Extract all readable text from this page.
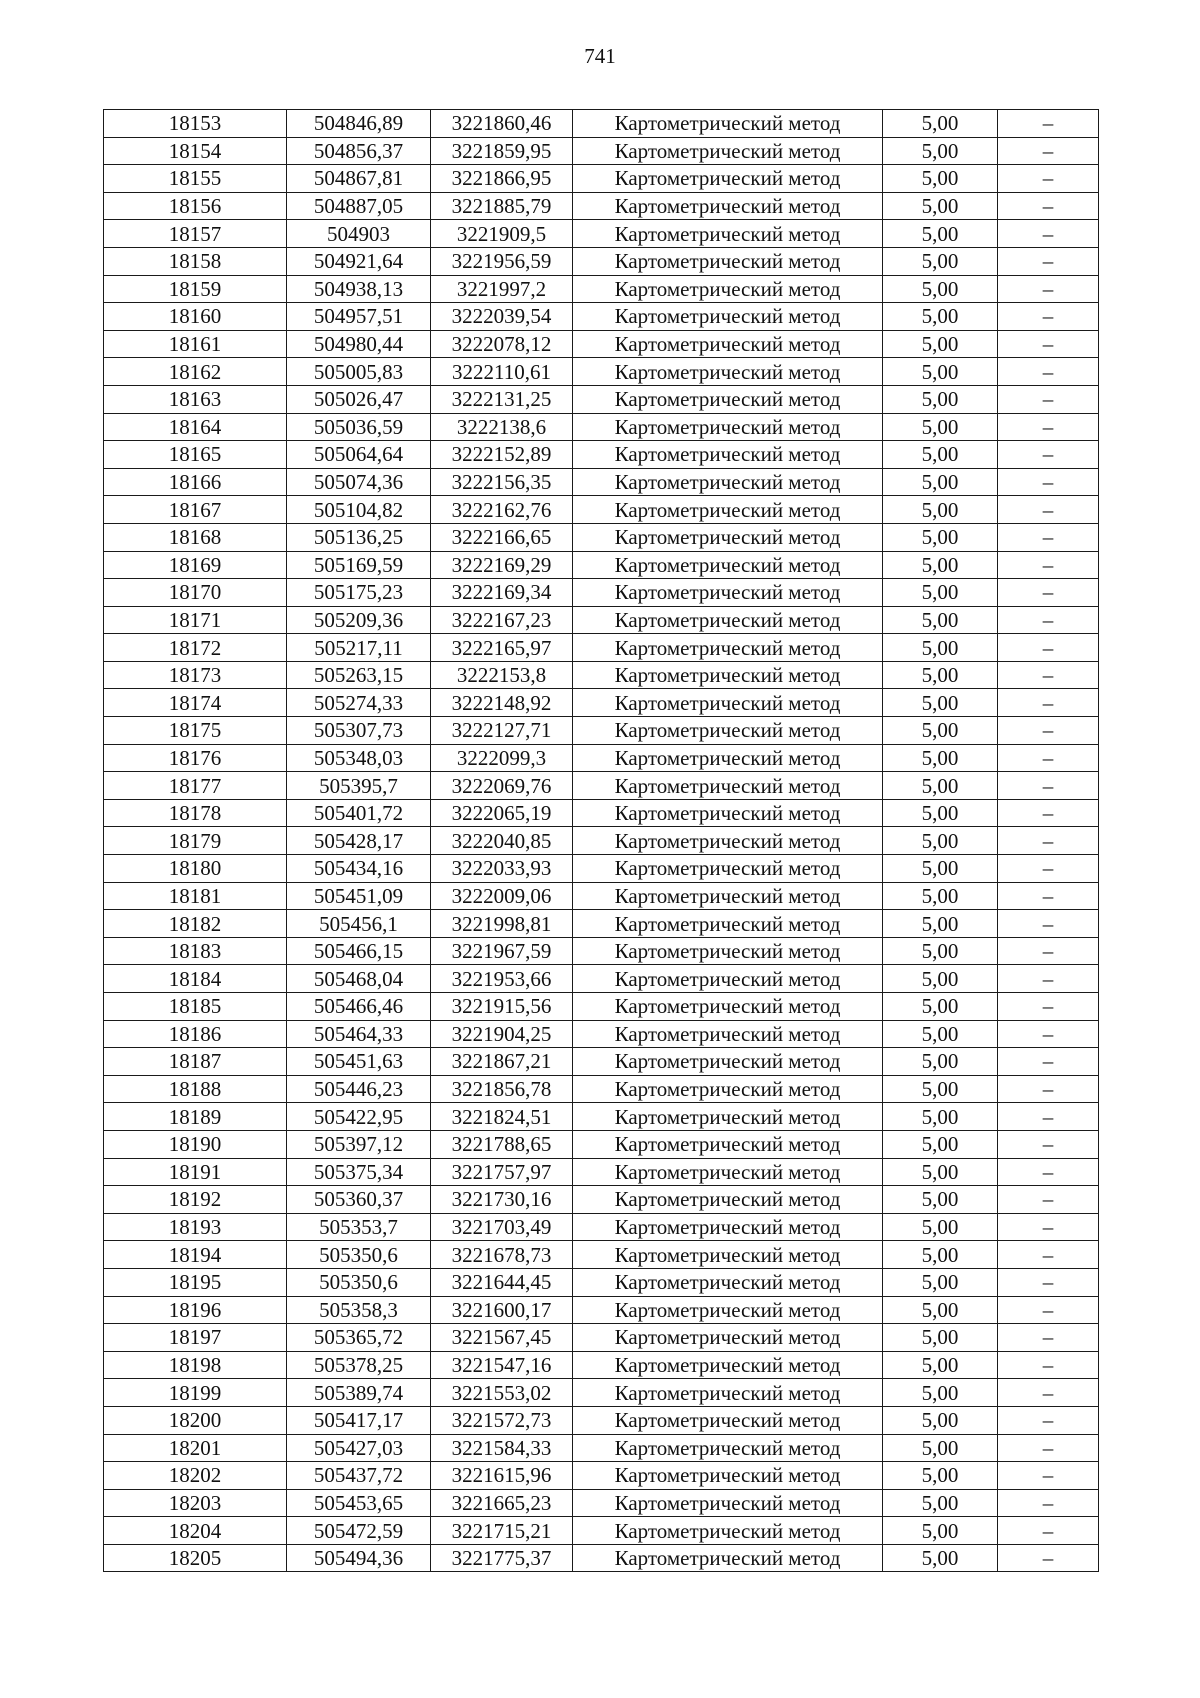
741
18153	504846,89	3221860,46	Картометрический метод	5,00	–
18154	504856,37	3221859,95	Картометрический метод	5,00	–
18155	504867,81	3221866,95	Картометрический метод	5,00	–
18156	504887,05	3221885,79	Картометрический метод	5,00	–
18157	504903	3221909,5	Картометрический метод	5,00	–
18158	504921,64	3221956,59	Картометрический метод	5,00	–
18159	504938,13	3221997,2	Картометрический метод	5,00	–
18160	504957,51	3222039,54	Картометрический метод	5,00	–
18161	504980,44	3222078,12	Картометрический метод	5,00	–
18162	505005,83	3222110,61	Картометрический метод	5,00	–
18163	505026,47	3222131,25	Картометрический метод	5,00	–
18164	505036,59	3222138,6	Картометрический метод	5,00	–
18165	505064,64	3222152,89	Картометрический метод	5,00	–
18166	505074,36	3222156,35	Картометрический метод	5,00	–
18167	505104,82	3222162,76	Картометрический метод	5,00	–
18168	505136,25	3222166,65	Картометрический метод	5,00	–
18169	505169,59	3222169,29	Картометрический метод	5,00	–
18170	505175,23	3222169,34	Картометрический метод	5,00	–
18171	505209,36	3222167,23	Картометрический метод	5,00	–
18172	505217,11	3222165,97	Картометрический метод	5,00	–
18173	505263,15	3222153,8	Картометрический метод	5,00	–
18174	505274,33	3222148,92	Картометрический метод	5,00	–
18175	505307,73	3222127,71	Картометрический метод	5,00	–
18176	505348,03	3222099,3	Картометрический метод	5,00	–
18177	505395,7	3222069,76	Картометрический метод	5,00	–
18178	505401,72	3222065,19	Картометрический метод	5,00	–
18179	505428,17	3222040,85	Картометрический метод	5,00	–
18180	505434,16	3222033,93	Картометрический метод	5,00	–
18181	505451,09	3222009,06	Картометрический метод	5,00	–
18182	505456,1	3221998,81	Картометрический метод	5,00	–
18183	505466,15	3221967,59	Картометрический метод	5,00	–
18184	505468,04	3221953,66	Картометрический метод	5,00	–
18185	505466,46	3221915,56	Картометрический метод	5,00	–
18186	505464,33	3221904,25	Картометрический метод	5,00	–
18187	505451,63	3221867,21	Картометрический метод	5,00	–
18188	505446,23	3221856,78	Картометрический метод	5,00	–
18189	505422,95	3221824,51	Картометрический метод	5,00	–
18190	505397,12	3221788,65	Картометрический метод	5,00	–
18191	505375,34	3221757,97	Картометрический метод	5,00	–
18192	505360,37	3221730,16	Картометрический метод	5,00	–
18193	505353,7	3221703,49	Картометрический метод	5,00	–
18194	505350,6	3221678,73	Картометрический метод	5,00	–
18195	505350,6	3221644,45	Картометрический метод	5,00	–
18196	505358,3	3221600,17	Картометрический метод	5,00	–
18197	505365,72	3221567,45	Картометрический метод	5,00	–
18198	505378,25	3221547,16	Картометрический метод	5,00	–
18199	505389,74	3221553,02	Картометрический метод	5,00	–
18200	505417,17	3221572,73	Картометрический метод	5,00	–
18201	505427,03	3221584,33	Картометрический метод	5,00	–
18202	505437,72	3221615,96	Картометрический метод	5,00	–
18203	505453,65	3221665,23	Картометрический метод	5,00	–
18204	505472,59	3221715,21	Картометрический метод	5,00	–
18205	505494,36	3221775,37	Картометрический метод	5,00	–
